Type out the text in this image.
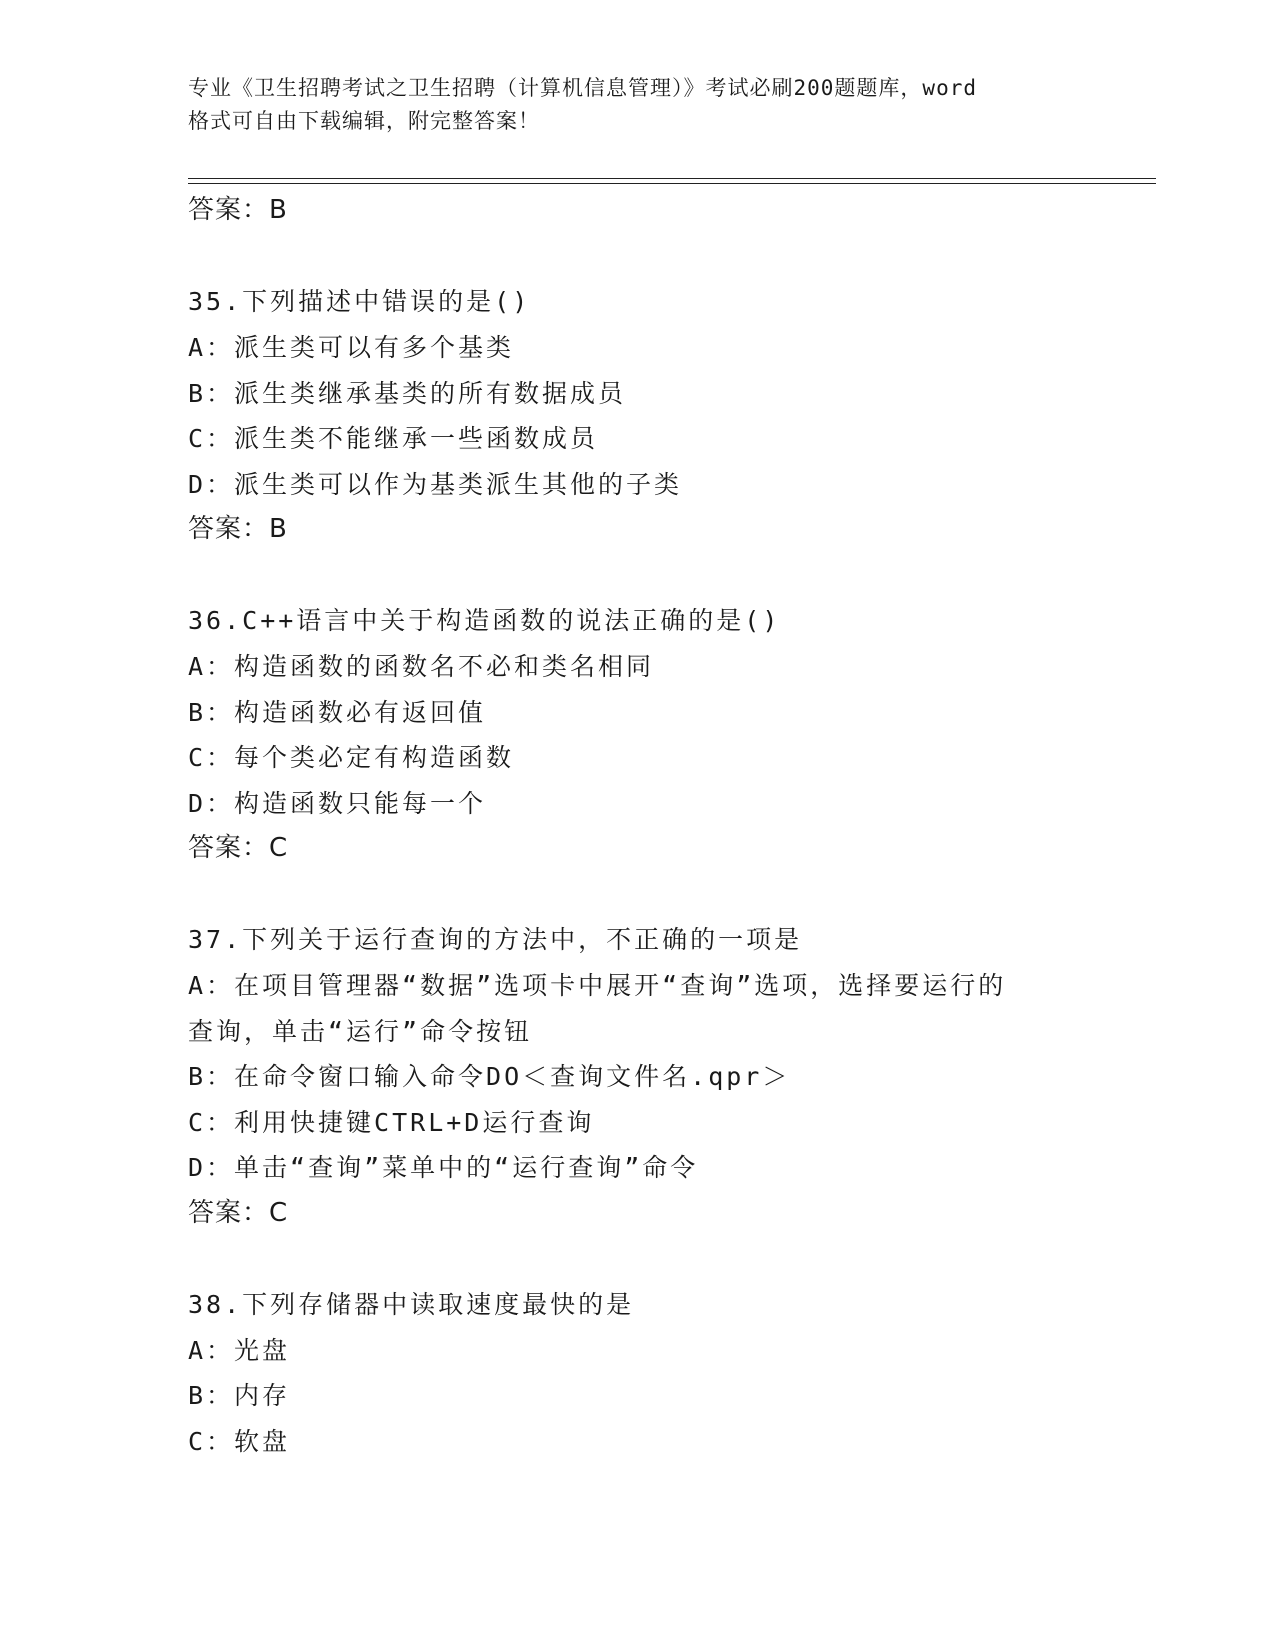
专业《卫生招聘考试之卫生招聘（计算机信息管理）》考试必刷200题题库，word
格式可自由下载编辑，附完整答案！
答案：B
35.下列描述中错误的是()
A：派生类可以有多个基类
B：派生类继承基类的所有数据成员
C：派生类不能继承一些函数成员
D：派生类可以作为基类派生其他的子类
答案：B
36.C++语言中关于构造函数的说法正确的是()
A：构造函数的函数名不必和类名相同
B：构造函数必有返回值
C：每个类必定有构造函数
D：构造函数只能每一个
答案：C
37.下列关于运行查询的方法中，不正确的一项是
A：在项目管理器“数据”选项卡中展开“查询”选项，选择要运行的
查询，单击“运行”命令按钮
B：在命令窗口输入命令DO＜查询文件名.qpr＞
C：利用快捷键CTRL+D运行查询
D：单击“查询”菜单中的“运行查询”命令
答案：C
38.下列存储器中读取速度最快的是
A：光盘
B：内存
C：软盘
